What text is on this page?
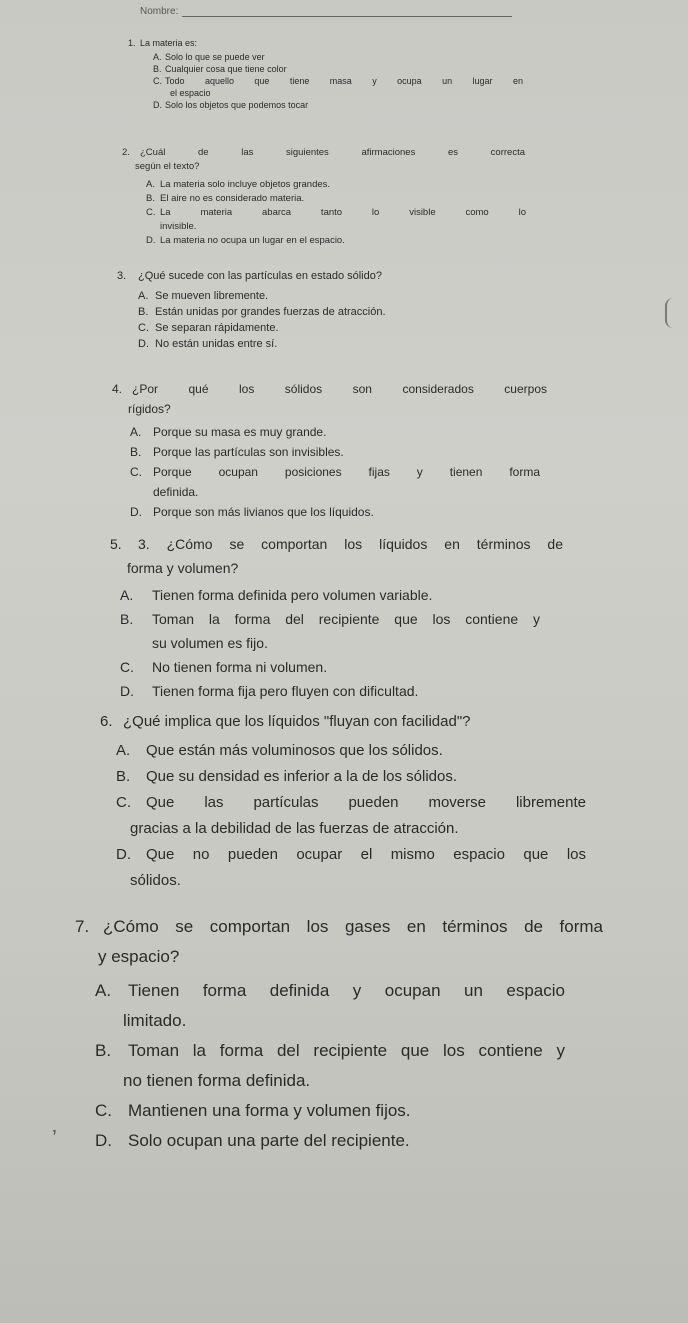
Nombre:
1. La materia es:
A. Solo lo que se puede ver
B. Cualquier cosa que tiene color
C. Todo aquello que tiene masa y ocupa un lugar en
el espacio
D. Solo los objetos que podemos tocar
2. ¿Cuál de las siguientes afirmaciones es correcta
según el texto?
A. La materia solo incluye objetos grandes.
B. El aire no es considerado materia.
C. La materia abarca tanto lo visible como lo
invisible.
D. La materia no ocupa un lugar en el espacio.
3. ¿Qué sucede con las partículas en estado sólido?
A. Se mueven libremente.
B. Están unidas por grandes fuerzas de atracción.
C. Se separan rápidamente.
D. No están unidas entre sí.
4. ¿Por qué los sólidos son considerados cuerpos
rígidos?
A. Porque su masa es muy grande.
B. Porque las partículas son invisibles.
C. Porque ocupan posiciones fijas y tienen forma
definida.
D. Porque son más livianos que los líquidos.
5. 3. ¿Cómo se comportan los líquidos en términos de
forma y volumen?
A. Tienen forma definida pero volumen variable.
B. Toman la forma del recipiente que los contiene y
su volumen es fijo.
C. No tienen forma ni volumen.
D. Tienen forma fija pero fluyen con dificultad.
6. ¿Qué implica que los líquidos "fluyan con facilidad"?
A. Que están más voluminosos que los sólidos.
B. Que su densidad es inferior a la de los sólidos.
C. Que las partículas pueden moverse libremente
gracias a la debilidad de las fuerzas de atracción.
D. Que no pueden ocupar el mismo espacio que los
sólidos.
7. ¿Cómo se comportan los gases en términos de forma
y espacio?
A. Tienen forma definida y ocupan un espacio
limitado.
B. Toman la forma del recipiente que los contiene y
no tienen forma definida.
C. Mantienen una forma y volumen fijos.
D. Solo ocupan una parte del recipiente.
‚
